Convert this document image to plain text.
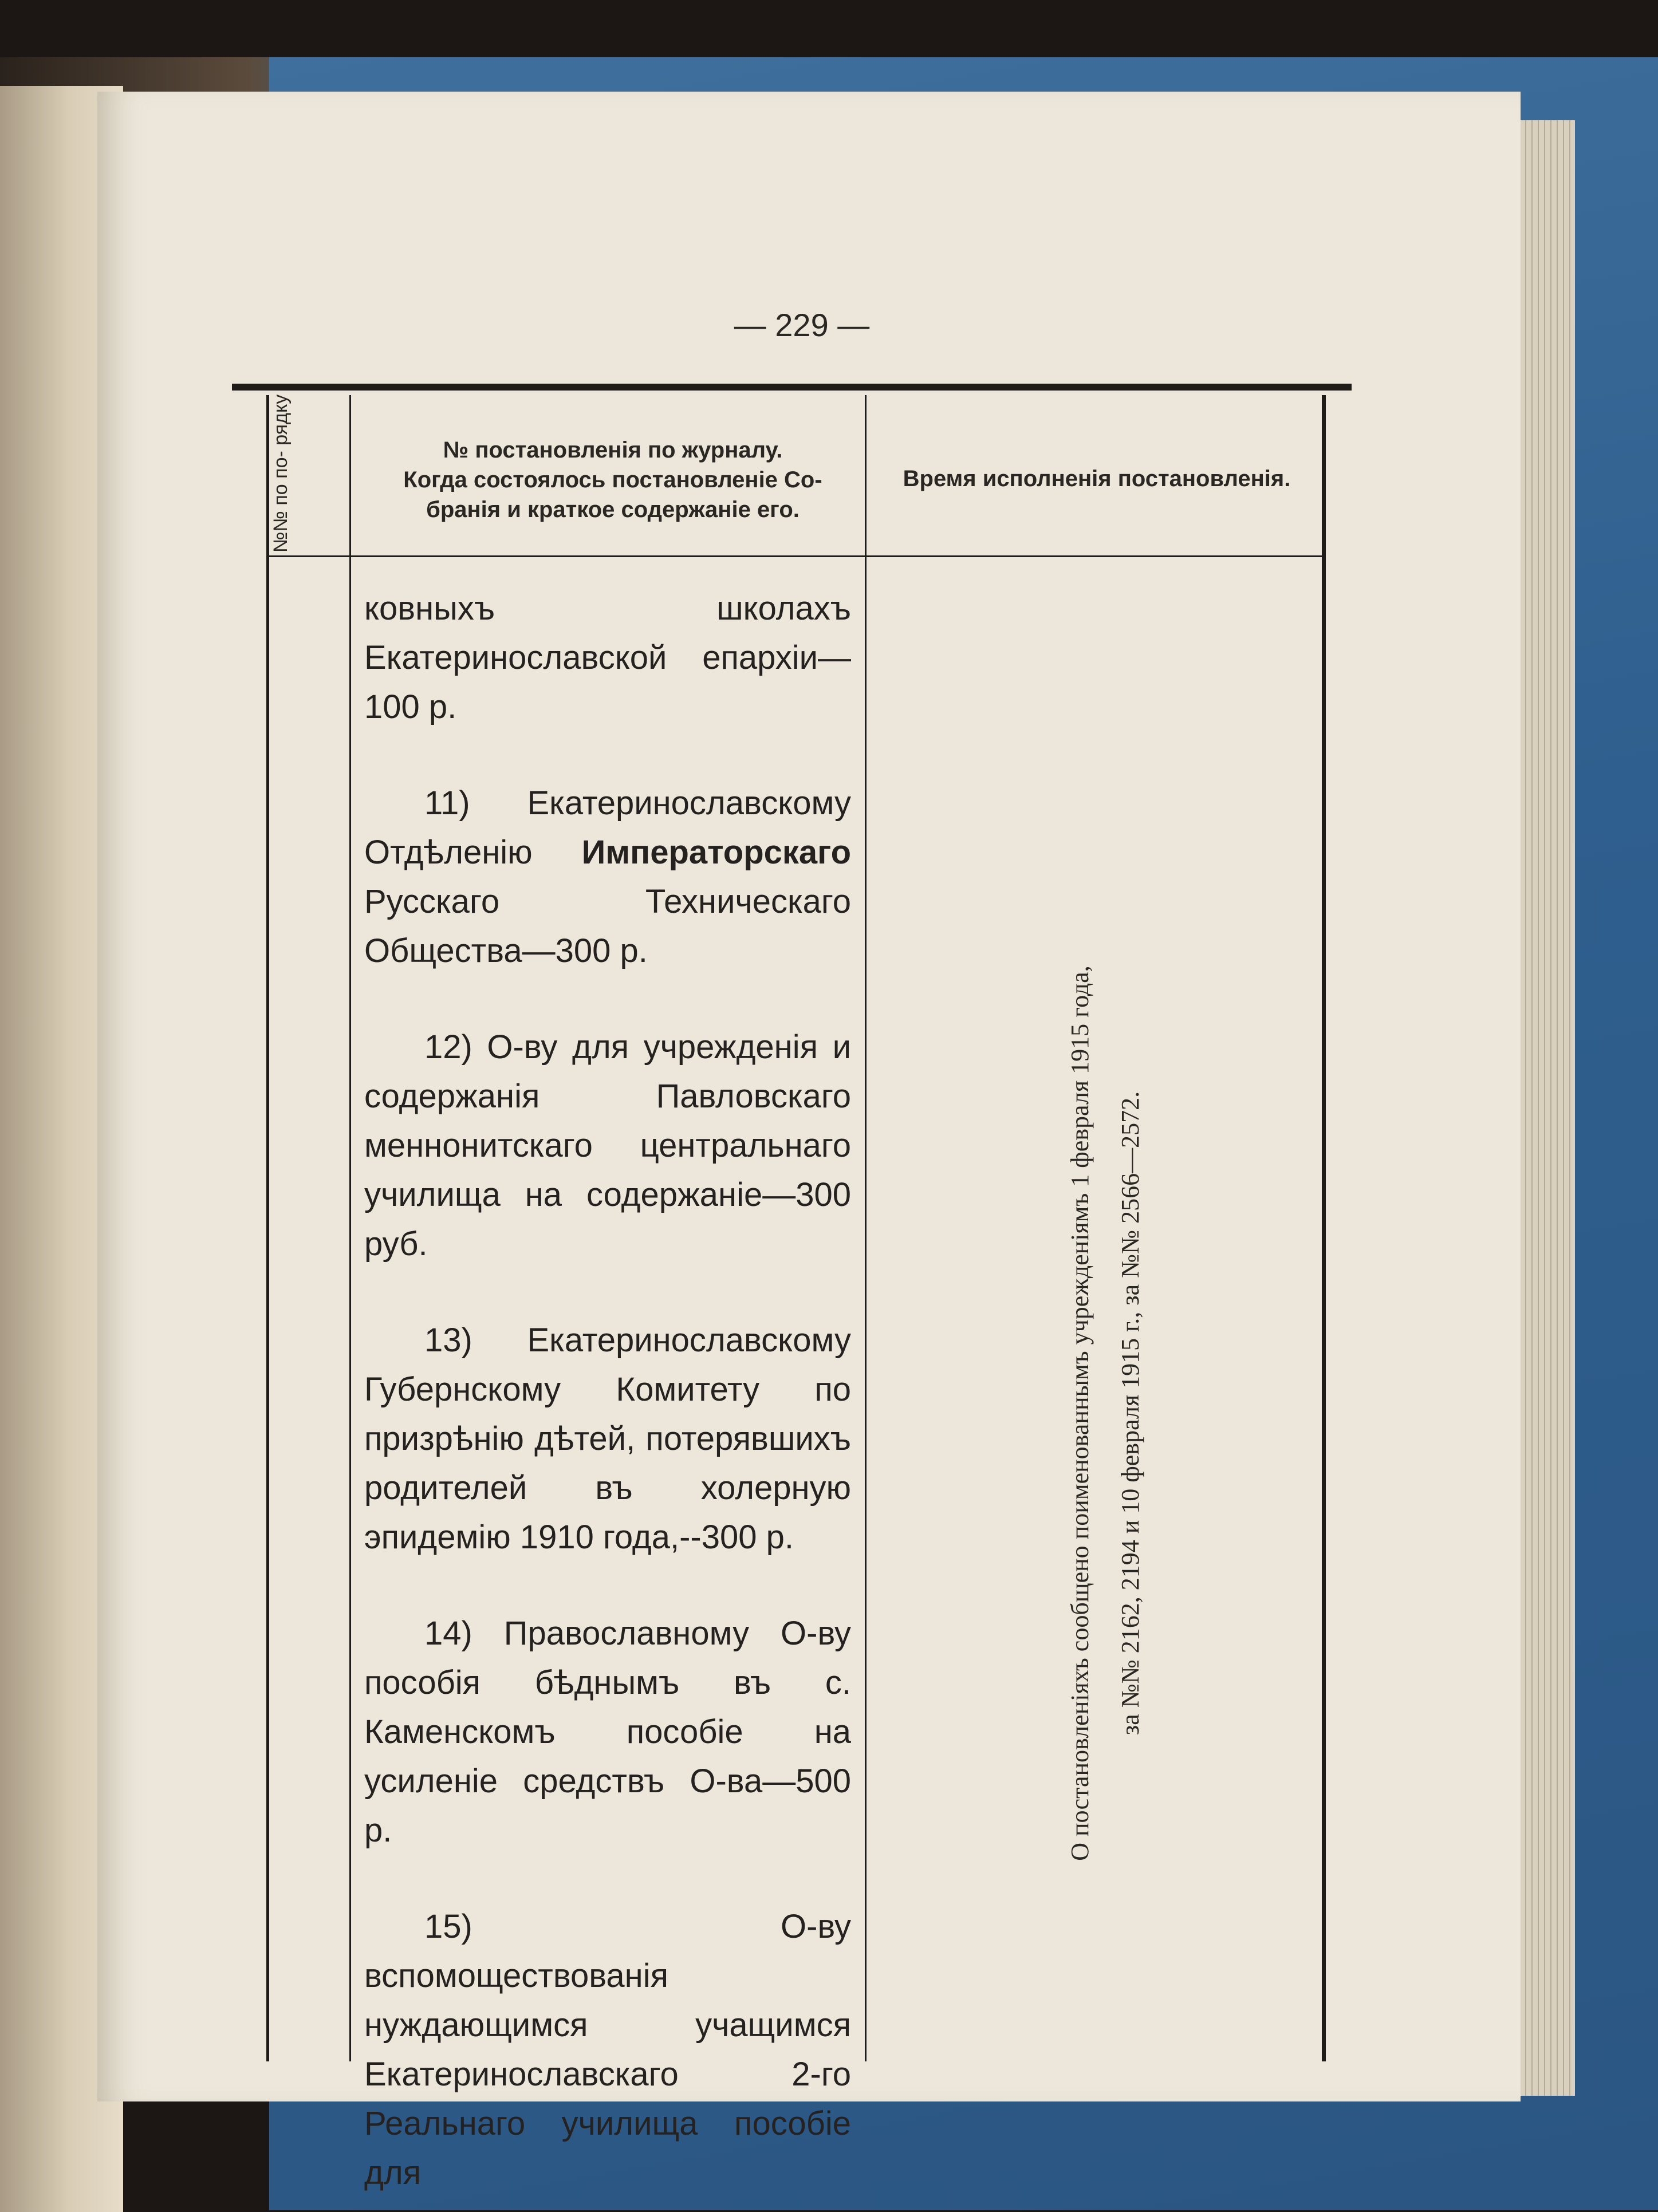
— 229 —
№№ по по- рядку	№ постановленія по журналу.
Когда состоялось постановленіе Со-
бранія и краткое содержаніе его.
Время исполненія постановленія.

ковныхъ школахъ Екатеринославской епархіи—100 р.

11) Екатеринославскому Отдѣленію Императорскаго Русскаго Техническаго Общества—300 р.

12) О-ву для учрежденія и содержанія Павловскаго меннонитскаго центральнаго училища на содержаніе—300 руб.

13) Екатеринославскому Губернскому Комитету по призрѣнію дѣтей, потерявшихъ родителей въ холерную эпидемію 1910 года,--300 р.

14) Православному О-ву пособія бѣднымъ въ с. Каменскомъ пособіе на усиленіе средствъ О-ва—500 р.

15) О-ву вспомоществованія нуждающимся учащимся Екатеринославскаго 2-го Реальнаго училища пособіе для

О постановленіяхъ сообщено поименованнымъ учрежденіямъ 1 февраля 1915 года, за №№ 2162, 2194 и 10 февраля 1915 г., за №№ 2566—2572.
